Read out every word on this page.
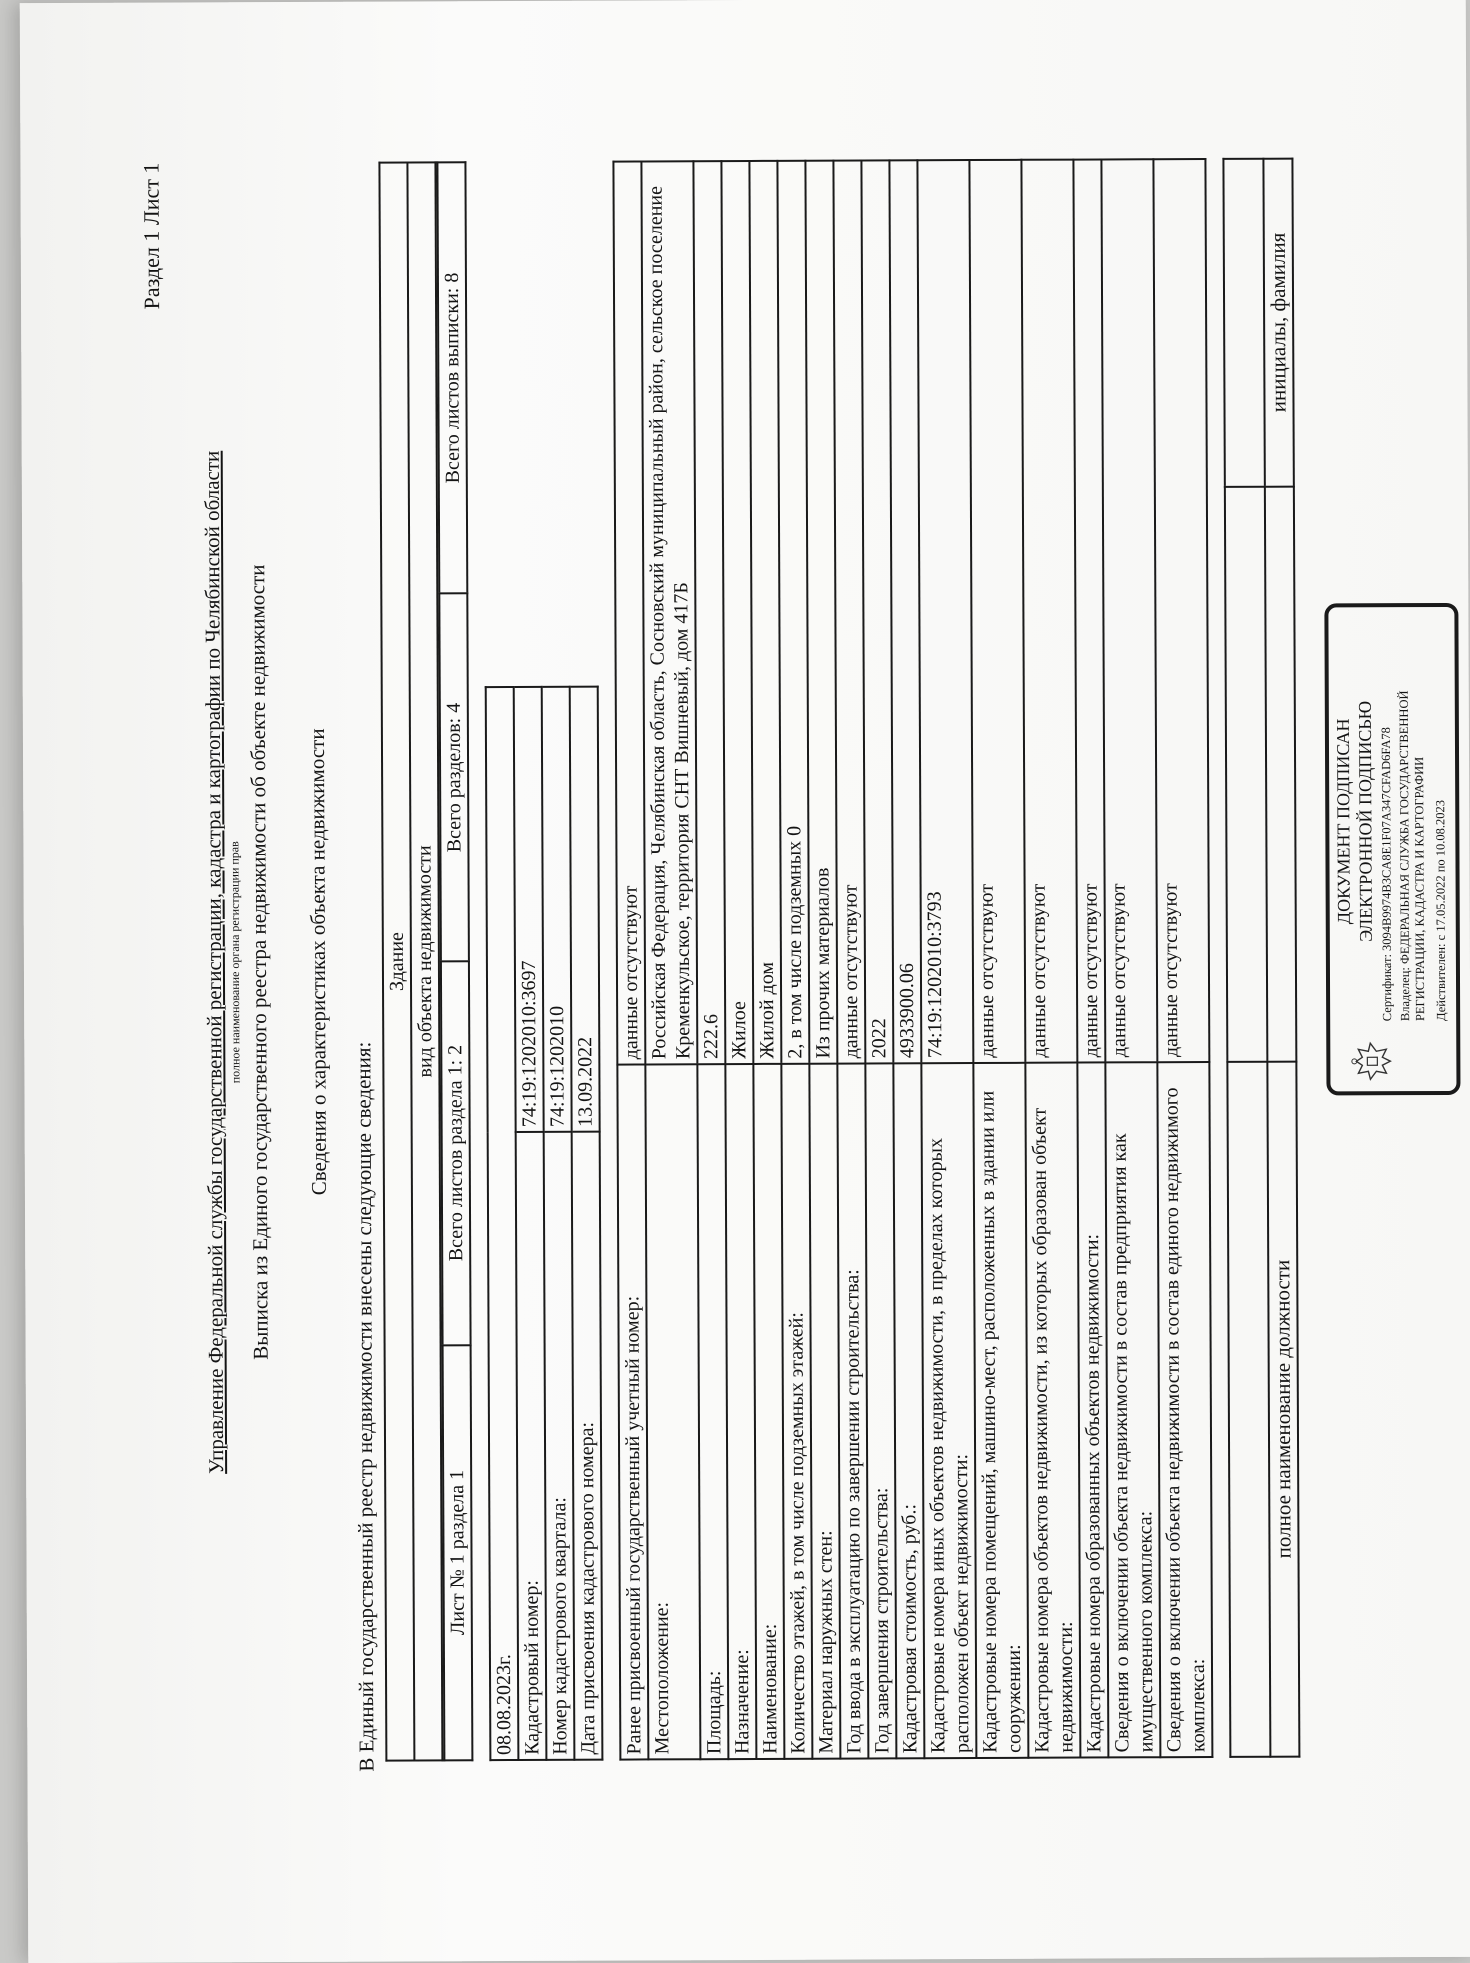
Раздел 1 Лист 1
Управление Федеральной службы государственной регистрации, кадастра и картографии по Челябинской области полное наименование органа регистрации прав Выписка из Единого государственного реестра недвижимости об объекте недвижимости Сведения о характеристиках объекта недвижимости
В Единый государственный реестр недвижимости внесены следующие сведения:
Здание
вид объекта недвижимости
Лист № 1 раздела 1	Всего листов раздела 1: 2	Всего разделов: 4	Всего листов выписки: 8
08.08.2023г.	
Кадастровый номер:	74:19:1202010:3697
Номер кадастрового квартала:	74:19:1202010
Дата присвоения кадастрового номера:	13.09.2022
Ранее присвоенный государственный учетный номер:	данные отсутствуют
Местоположение:	Российская Федерация, Челябинская область, Сосновский муниципальный район, сельское поселение Кременкульское, территория СНТ Вишневый, дом 417Б
Площадь:	222.6
Назначение:	Жилое
Наименование:	Жилой дом
Количество этажей, в том числе подземных этажей:	2, в том числе подземных 0
Материал наружных стен:	Из прочих материалов
Год ввода в эксплуатацию по завершении строительства:	данные отсутствуют
Год завершения строительства:	2022
Кадастровая стоимость, руб.:	4933900.06
Кадастровые номера иных объектов недвижимости, в пределах которых расположен объект недвижимости:	74:19:1202010:3793
Кадастровые номера помещений, машино-мест, расположенных в здании или сооружении:	данные отсутствуют
Кадастровые номера объектов недвижимости, из которых образован объект недвижимости:	данные отсутствуют
Кадастровые номера образованных объектов недвижимости:	данные отсутствуют
Сведения о включении объекта недвижимости в состав предприятия как имущественного комплекса:	данные отсутствуют
Сведения о включении объекта недвижимости в состав единого недвижимого комплекса:	данные отсутствуют

полное наименование должности		инициалы, фамилия
ДОКУМЕНТ ПОДПИСАН ЭЛЕКТРОННОЙ ПОДПИСЬЮ Сертификат: 3094B9974B3CA8E1F07A347CFAD6FA78 Владелец: ФЕДЕРАЛЬНАЯ СЛУЖБА ГОСУДАРСТВЕННОЙ РЕГИСТРАЦИИ, КАДАСТРА И КАРТОГРАФИИ Действителен: с 17.05.2022 по 10.08.2023
